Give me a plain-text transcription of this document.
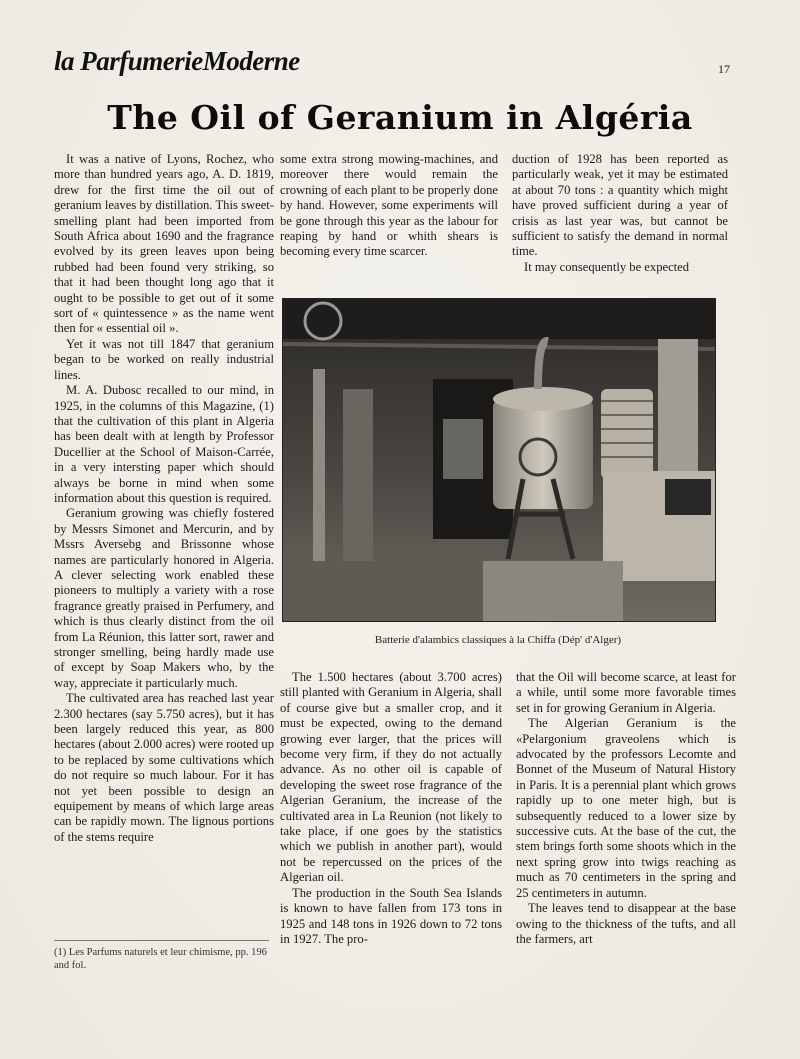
la ParfumerieModerne	17
The Oil of Geranium in Algéria

It was a native of Lyons, Rochez, who more than hundred years ago, A. D. 1819, drew for the first time the oil out of geranium leaves by distillation. This sweet-smelling plant had been imported from South Africa about 1690 and the fragrance evolved by its green leaves upon being rubbed had been found very striking, so that it had been thought long ago that it ought to be possible to get out of it some sort of « quintessence » as the name went then for « essential oil ».

Yet it was not till 1847 that geranium began to be worked on really industrial lines.

M. A. Dubosc recalled to our mind, in 1925, in the columns of this Magazine, (1) that the cultivation of this plant in Algeria has been dealt with at length by Professor Ducellier at the School of Maison-Carrée, in a very intersting paper which should always be borne in mind when some information about this question is required.

Geranium growing was chiefly fostered by Messrs Simonet and Mercurin, and by Mssrs Aversebg and Brissonne whose names are particularly honored in Algeria. A clever selecting work enabled these pioneers to multiply a variety with a rose fragrance greatly praised in Perfumery, and which is thus clearly distinct from the oil from La Réunion, this latter sort, rawer and stronger smelling, being hardly made use of except by Soap Makers who, by the way, appreciate it particularly much.

The cultivated area has reached last year 2.300 hectares (say 5.750 acres), but it has been largely reduced this year, as 800 hectares (about 2.000 acres) were rooted up to be replaced by some cultivations which do not require so much labour. For it has not yet been possible to design an equipement by means of which large areas can be rapidly mown. The lignous portions of the stems require

some extra strong mowing-machines, and moreover there would remain the crowning of each plant to be properly done by hand. However, some experiments will be gone through this year as the labour for reaping by hand or whith shears is becoming every time scarcer.

duction of 1928 has been reported as particularly weak, yet it may be estimated at about 70 tons : a quantity which might have proved sufficient during a year of crisis as last year was, but cannot be sufficient to satisfy the demand in normal time.

It may consequently be expected

Batterie d'alambics classiques à la Chiffa (Dép' d'Alger)

The 1.500 hectares (about 3.700 acres) still planted with Geranium in Algeria, shall of course give but a smaller crop, and it must be expected, owing to the demand growing ever larger, that the prices will become very firm, if they do not actually advance. As no other oil is capable of developing the sweet rose fragrance of the Algerian Geranium, the increase of the cultivated area in La Reunion (not likely to take place, if one goes by the statistics which we publish in another part), would not be repercussed on the prices of the Algerian oil.

The production in the South Sea Islands is known to have fallen from 173 tons in 1925 and 148 tons in 1926 down to 72 tons in 1927. The pro-

that the Oil will become scarce, at least for a while, until some more favorable times set in for growing Geranium in Algeria.

The Algerian Geranium is the «Pelargonium graveolens which is advocated by the professors Lecomte and Bonnet of the Museum of Natural History in Paris. It is a perennial plant which grows rapidly up to one meter high, but is subsequently reduced to a lower size by successive cuts. At the base of the cut, the stem brings forth some shoots which in the next spring grow into twigs reaching as much as 70 centimeters in the spring and 25 centimeters in autumn.

The leaves tend to disappear at the base owing to the thickness of the tufts, and all the farmers, art

(1) Les Parfums naturels et leur chimisme, pp. 196 and fol.
